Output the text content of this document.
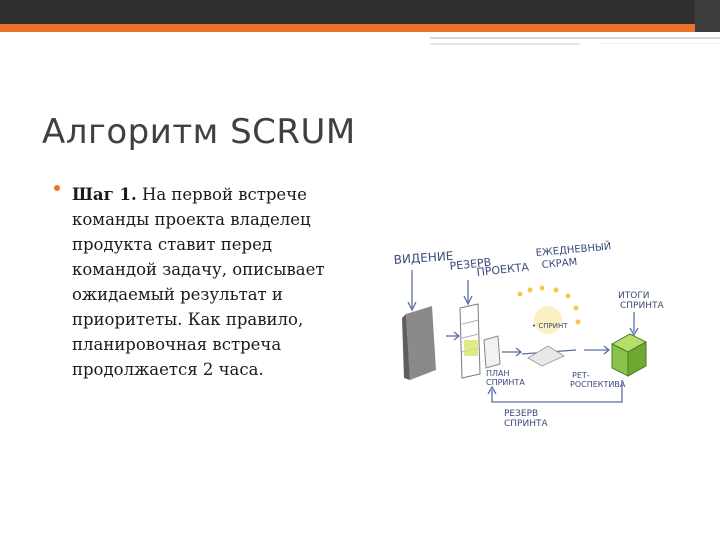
Алгоритм SCRUM

Шаг 1. На первой встрече команды проекта владелец продукта ставит перед командой задачу, описывает ожидаемый результат и приоритеты. Как правило, планировочная встреча продолжается 2 часа.

ВИДЕНИЕ
РЕЗЕРВ
ПРОЕКТА
ПЛАН
СПРИНТА
ЕЖЕДНЕВНЫЙ
СКРАМ
• СПРИНТ
ИТОГИ
СПРИНТА
РЕТ-
РОСПЕКТИВА
РЕЗЕРВ
СПРИНТА
